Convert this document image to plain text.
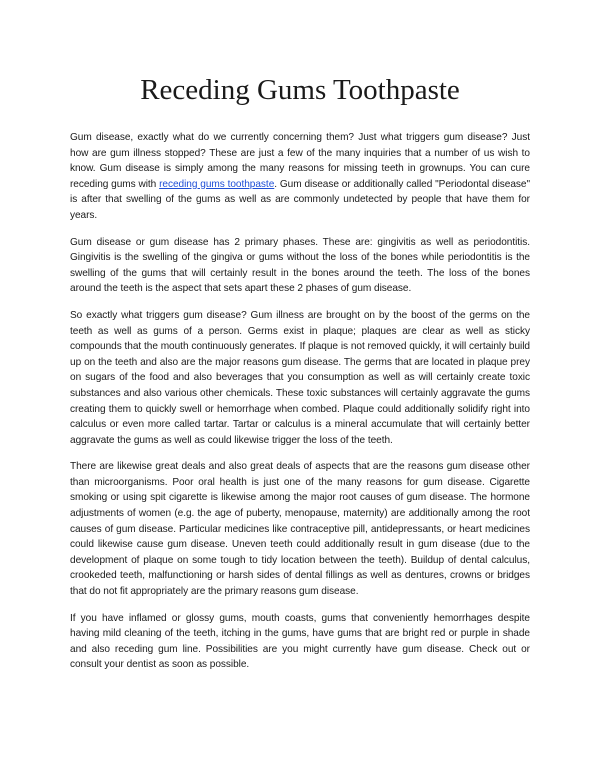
Receding Gums Toothpaste

Gum disease, exactly what do we currently concerning them? Just what triggers gum disease? Just how are gum illness stopped? These are just a few of the many inquiries that a number of us wish to know. Gum disease is simply among the many reasons for missing teeth in grownups. You can cure receding gums with receding gums toothpaste. Gum disease or additionally called "Periodontal disease" is after that swelling of the gums as well as are commonly undetected by people that have them for years.

Gum disease or gum disease has 2 primary phases. These are: gingivitis as well as periodontitis. Gingivitis is the swelling of the gingiva or gums without the loss of the bones while periodontitis is the swelling of the gums that will certainly result in the bones around the teeth. The loss of the bones around the teeth is the aspect that sets apart these 2 phases of gum disease.

So exactly what triggers gum disease? Gum illness are brought on by the boost of the germs on the teeth as well as gums of a person. Germs exist in plaque; plaques are clear as well as sticky compounds that the mouth continuously generates. If plaque is not removed quickly, it will certainly build up on the teeth and also are the major reasons gum disease. The germs that are located in plaque prey on sugars of the food and also beverages that you consumption as well as will certainly create toxic substances and also various other chemicals. These toxic substances will certainly aggravate the gums creating them to quickly swell or hemorrhage when combed. Plaque could additionally solidify right into calculus or even more called tartar. Tartar or calculus is a mineral accumulate that will certainly better aggravate the gums as well as could likewise trigger the loss of the teeth.

There are likewise great deals and also great deals of aspects that are the reasons gum disease other than microorganisms. Poor oral health is just one of the many reasons for gum disease. Cigarette smoking or using spit cigarette is likewise among the major root causes of gum disease. The hormone adjustments of women (e.g. the age of puberty, menopause, maternity) are additionally among the root causes of gum disease. Particular medicines like contraceptive pill, antidepressants, or heart medicines could likewise cause gum disease. Uneven teeth could additionally result in gum disease (due to the development of plaque on some tough to tidy location between the teeth). Buildup of dental calculus, crookeded teeth, malfunctioning or harsh sides of dental fillings as well as dentures, crowns or bridges that do not fit appropriately are the primary reasons gum disease.

If you have inflamed or glossy gums, mouth coasts, gums that conveniently hemorrhages despite having mild cleaning of the teeth, itching in the gums, have gums that are bright red or purple in shade and also receding gum line. Possibilities are you might currently have gum disease. Check out or consult your dentist as soon as possible.
